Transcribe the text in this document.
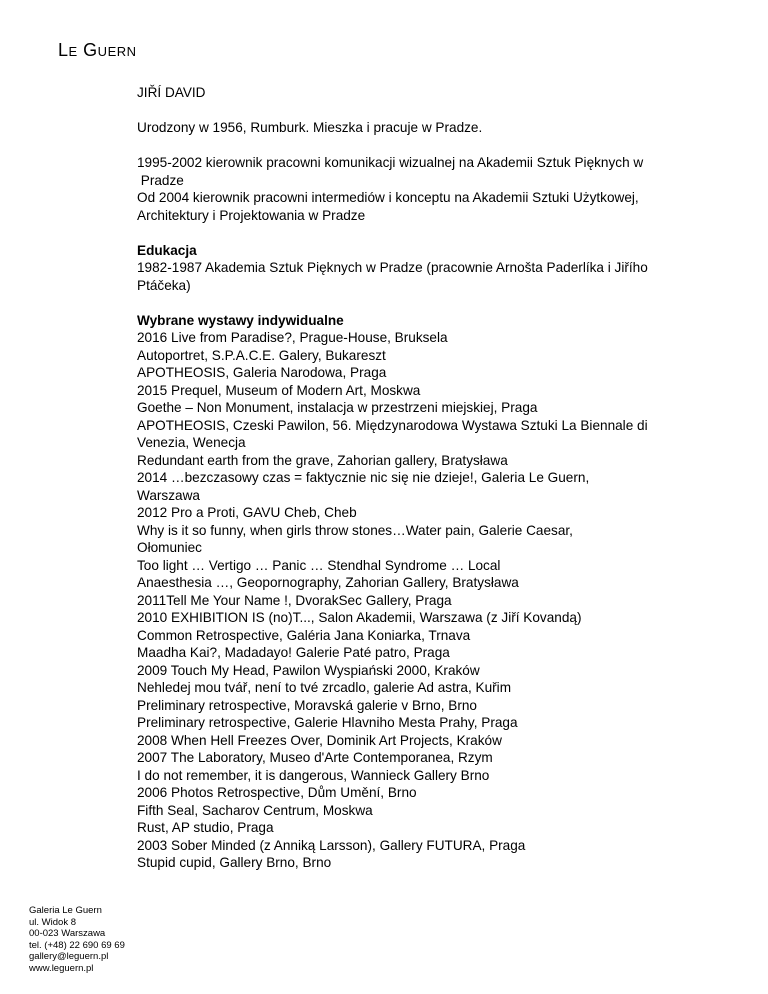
Le Guern
JIŘÍ DAVID
Urodzony w 1956, Rumburk. Mieszka i pracuje w Pradze.
1995-2002 kierownik pracowni komunikacji wizualnej na Akademii Sztuk Pięknych w
Pradze
Od 2004 kierownik pracowni intermediów i konceptu na Akademii Sztuki Użytkowej,
Architektury i Projektowania w Pradze
Edukacja
1982-1987 Akademia Sztuk Pięknych w Pradze (pracownie Arnošta Paderlíka i Jiřího Ptáčeka)
Wybrane wystawy indywidualne
2016 Live from Paradise?, Prague-House, Bruksela
Autoportret, S.P.A.C.E. Galery, Bukareszt
APOTHEOSIS, Galeria Narodowa, Praga
2015 Prequel, Museum of Modern Art, Moskwa
Goethe – Non Monument, instalacja w przestrzeni miejskiej, Praga
APOTHEOSIS, Czeski Pawilon, 56. Międzynarodowa Wystawa Sztuki La Biennale di Venezia, Wenecja
Redundant earth from the grave, Zahorian gallery, Bratysława
2014 …bezczasowy czas = faktycznie nic się nie dzieje!, Galeria Le Guern,
Warszawa
2012 Pro a Proti, GAVU Cheb, Cheb
Why is it so funny, when girls throw stones…Water pain, Galerie Caesar,
Ołomuniec
Too light … Vertigo … Panic … Stendhal Syndrome … Local
Anaesthesia …, Geopornography, Zahorian Gallery, Bratysława
2011Tell Me Your Name !, DvorakSec Gallery, Praga
2010 EXHIBITION IS (no)T..., Salon Akademii, Warszawa (z Jiří Kovandą)
Common Retrospective, Galéria Jana Koniarka, Trnava
Maadha Kai?, Madadayo! Galerie Paté patro, Praga
2009 Touch My Head, Pawilon Wyspiański 2000, Kraków
Nehledej mou tvář, není to tvé zrcadlo, galerie Ad astra, Kuřim
Preliminary retrospective, Moravská galerie v Brno, Brno
Preliminary retrospective, Galerie Hlavniho Mesta Prahy, Praga
2008 When Hell Freezes Over, Dominik Art Projects, Kraków
2007 The Laboratory, Museo d'Arte Contemporanea, Rzym
I do not remember, it is dangerous, Wannieck Gallery Brno
2006 Photos Retrospective, Dům Umění, Brno
Fifth Seal, Sacharov Centrum, Moskwa
Rust, AP studio, Praga
2003 Sober Minded (z Anniką Larsson), Gallery FUTURA, Praga
Stupid cupid, Gallery Brno, Brno
Galeria Le Guern
ul. Widok 8
00-023 Warszawa
tel. (+48) 22 690 69 69
gallery@leguern.pl
www.leguern.pl
